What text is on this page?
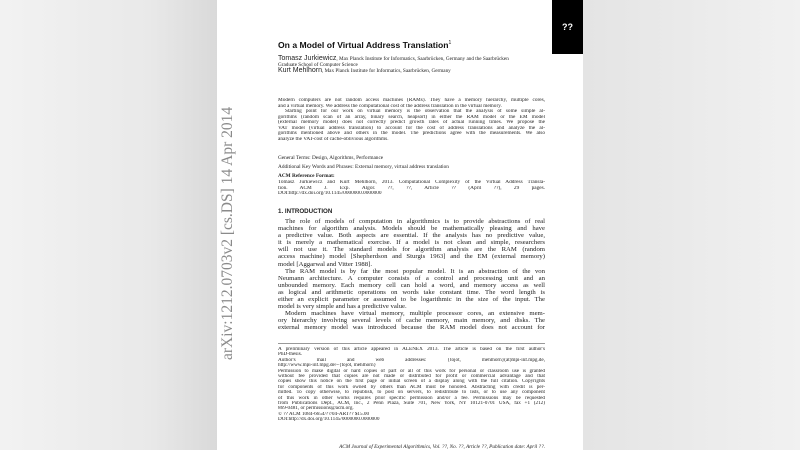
arXiv:1212.0703v2 [cs.DS] 14 Apr 2014
??
On a Model of Virtual Address Translation$^1$
Tomasz Jurkiewicz, Max Planck Institute for Informatics, Saarbrücken, Germany and the Saarbrücken
Graduate School of Computer Science
Kurt Mehlhorn, Max Planck Institute for Informatics, Saarbrücken, Germany
Modern computers are not random access machines (RAMs). They have a memory hierarchy, multiple cores,
and a virtual memory. We address the computational cost of the address translation in the virtual memory.
Starting point for our work on virtual memory is the observation that the analysis of some simple al-
gorithms (random scan of an array, binary search, heapsort) in either the RAM model or the EM model
(external memory model) does not correctly predict growth rates of actual running times. We propose the
VAT model (virtual address translation) to account for the cost of address translations and analyze the al-
gorithms mentioned above and others in the model. The predictions agree with the measurements. We also
analyze the VAT-cost of cache-oblivious algorithms.
General Terms: Design, Algorithms, Performance
Additional Key Words and Phrases: External memory, virtual address translation
ACM Reference Format:
Tomasz Jurkiewicz and Kurt Mehlhorn, 2013. Computational Complexity of the Virtual Address Transla-
tion. ACM J. Exp. Algor. ??, ??, Article ?? (April ??), 29 pages.
DOI:http://dx.doi.org/10.1145/0000000.0000000
1. INTRODUCTION
The role of models of computation in algorithmics is to provide abstractions of real
machines for algorithm analysis. Models should be mathematically pleasing and have
a predictive value. Both aspects are essential. If the analysis has no predictive value,
it is merely a mathematical exercise. If a model is not clean and simple, researchers
will not use it. The standard models for algorithm analysis are the RAM (random
access machine) model [Shepherdson and Sturgis 1963] and the EM (external memory)
model [Aggarwal and Vitter 1988].
The RAM model is by far the most popular model. It is an abstraction of the von
Neumann architecture. A computer consists of a control and processing unit and an
unbounded memory. Each memory cell can hold a word, and memory access as well
as logical and arithmetic operations on words take constant time. The word length is
either an explicit parameter or assumed to be logarithmic in the size of the input. The
model is very simple and has a predictive value.
Modern machines have virtual memory, multiple processor cores, an extensive mem-
ory hierarchy involving several levels of cache memory, main memory, and disks. The
external memory model was introduced because the RAM model does not account for
A preliminary version of this article appeared in ALENEX 2013. The article is based on the first author's
PhD-thesis.
Author's mail and web addresses: {tojot, mehlhorn}(at)mpi-inf.mpg.de,
http://www.mpi-inf.mpg.de/~{tojot, mehlhorn}
Permission to make digital or hard copies of part or all of this work for personal or classroom use is granted
without fee provided that copies are not made or distributed for profit or commercial advantage and that
copies show this notice on the first page or initial screen of a display along with the full citation. Copyrights
for components of this work owned by others than ACM must be honored. Abstracting with credit is per-
mitted. To copy otherwise, to republish, to post on servers, to redistribute to lists, or to use any component
of this work in other works requires prior specific permission and/or a fee. Permissions may be requested
from Publications Dept., ACM, Inc., 2 Penn Plaza, Suite 701, New York, NY 10121-0701 USA, fax +1 (212)
869-0481, or permissions@acm.org.
© ?? ACM 1084-6654/??/04-ART?? $15.00
DOI:http://dx.doi.org/10.1145/0000000.0000000
ACM Journal of Experimental Algorithmics, Vol. ??, No. ??, Article ??, Publication date: April ??.
